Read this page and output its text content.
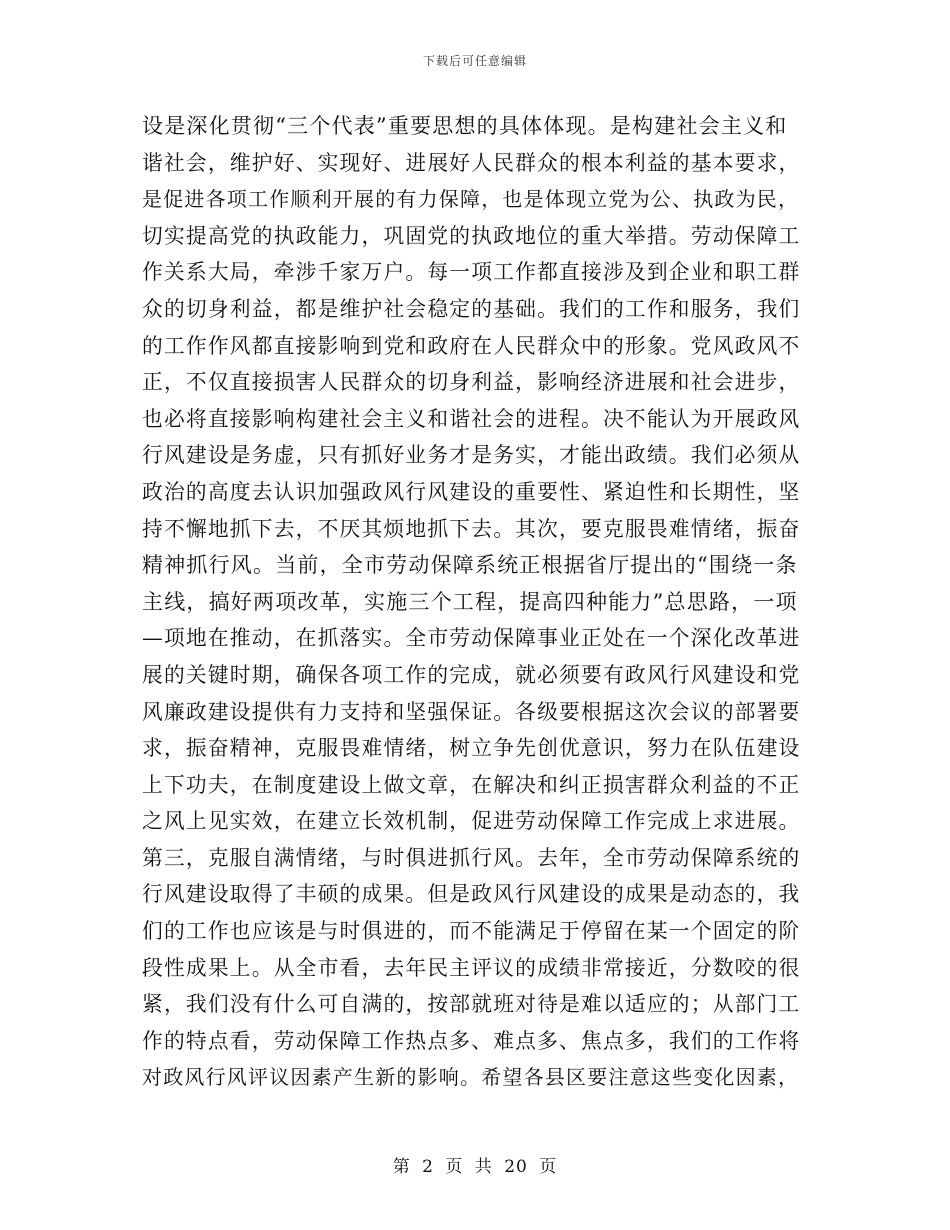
下载后可任意编辑
设是深化贯彻“三个代表”重要思想的具体体现。是构建社会主义和
谐社会，维护好、实现好、进展好人民群众的根本利益的基本要求，
是促进各项工作顺利开展的有力保障，也是体现立党为公、执政为民，
切实提高党的执政能力，巩固党的执政地位的重大举措。劳动保障工
作关系大局，牵涉千家万户。每一项工作都直接涉及到企业和职工群
众的切身利益，都是维护社会稳定的基础。我们的工作和服务，我们
的工作作风都直接影响到党和政府在人民群众中的形象。党风政风不
正，不仅直接损害人民群众的切身利益，影响经济进展和社会进步，
也必将直接影响构建社会主义和谐社会的进程。决不能认为开展政风
行风建设是务虚，只有抓好业务才是务实，才能出政绩。我们必须从
政治的高度去认识加强政风行风建设的重要性、紧迫性和长期性，坚
持不懈地抓下去，不厌其烦地抓下去。其次，要克服畏难情绪，振奋
精神抓行风。当前，全市劳动保障系统正根据省厅提出的“围绕一条
主线，搞好两项改革，实施三个工程，提高四种能力”总思路，一项
—项地在推动，在抓落实。全市劳动保障事业正处在一个深化改革进
展的关键时期，确保各项工作的完成，就必须要有政风行风建设和党
风廉政建设提供有力支持和坚强保证。各级要根据这次会议的部署要
求，振奋精神，克服畏难情绪，树立争先创优意识，努力在队伍建设
上下功夫，在制度建设上做文章，在解决和纠正损害群众利益的不正
之风上见实效，在建立长效机制，促进劳动保障工作完成上求进展。
第三，克服自满情绪，与时俱进抓行风。去年，全市劳动保障系统的
行风建设取得了丰硕的成果。但是政风行风建设的成果是动态的，我
们的工作也应该是与时俱进的，而不能满足于停留在某一个固定的阶
段性成果上。从全市看，去年民主评议的成绩非常接近，分数咬的很
紧，我们没有什么可自满的，按部就班对待是难以适应的；从部门工
作的特点看，劳动保障工作热点多、难点多、焦点多，我们的工作将
对政风行风评议因素产生新的影响。希望各县区要注意这些变化因素，
第 2 页 共 20 页
